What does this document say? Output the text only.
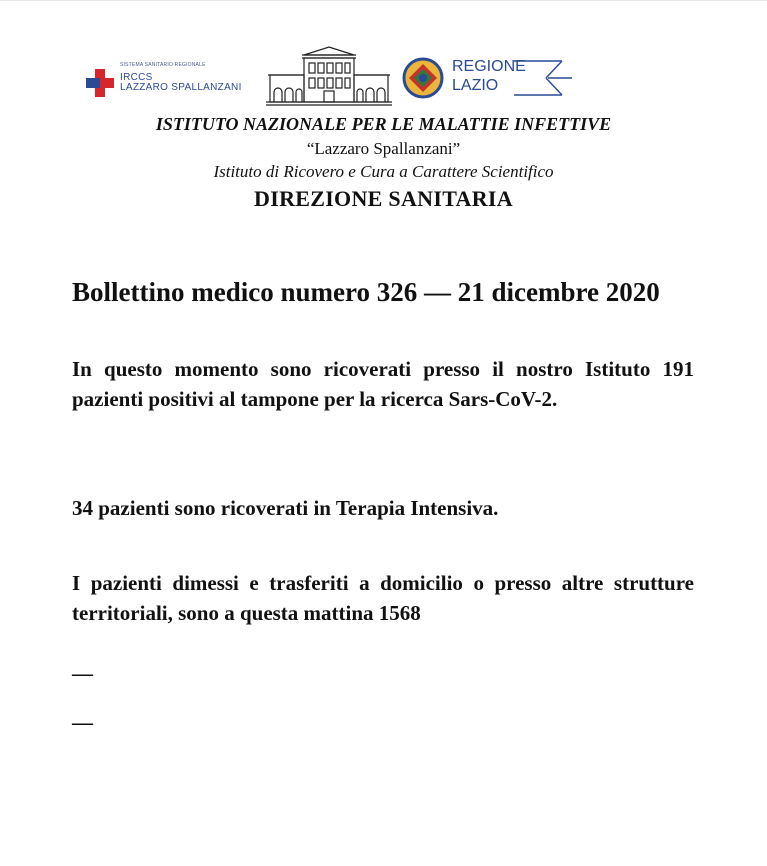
SISTEMA SANITARIO REGIONALE
IRCCS
LAZZARO SPALLANZANI
REGIONE
LAZIO
ISTITUTO NAZIONALE PER LE MALATTIE INFETTIVE
“Lazzaro Spallanzani”
Istituto di Ricovero e Cura a Carattere Scientifico
DIREZIONE SANITARIA
Bollettino medico numero 326 — 21 dicembre 2020
In questo momento sono ricoverati presso il nostro Istituto 191 pazienti positivi al tampone per la ricerca Sars-CoV-2.
34 pazienti sono ricoverati in Terapia Intensiva.
I pazienti dimessi e trasferiti a domicilio o presso altre strutture territoriali, sono a questa mattina 1568
—
—
